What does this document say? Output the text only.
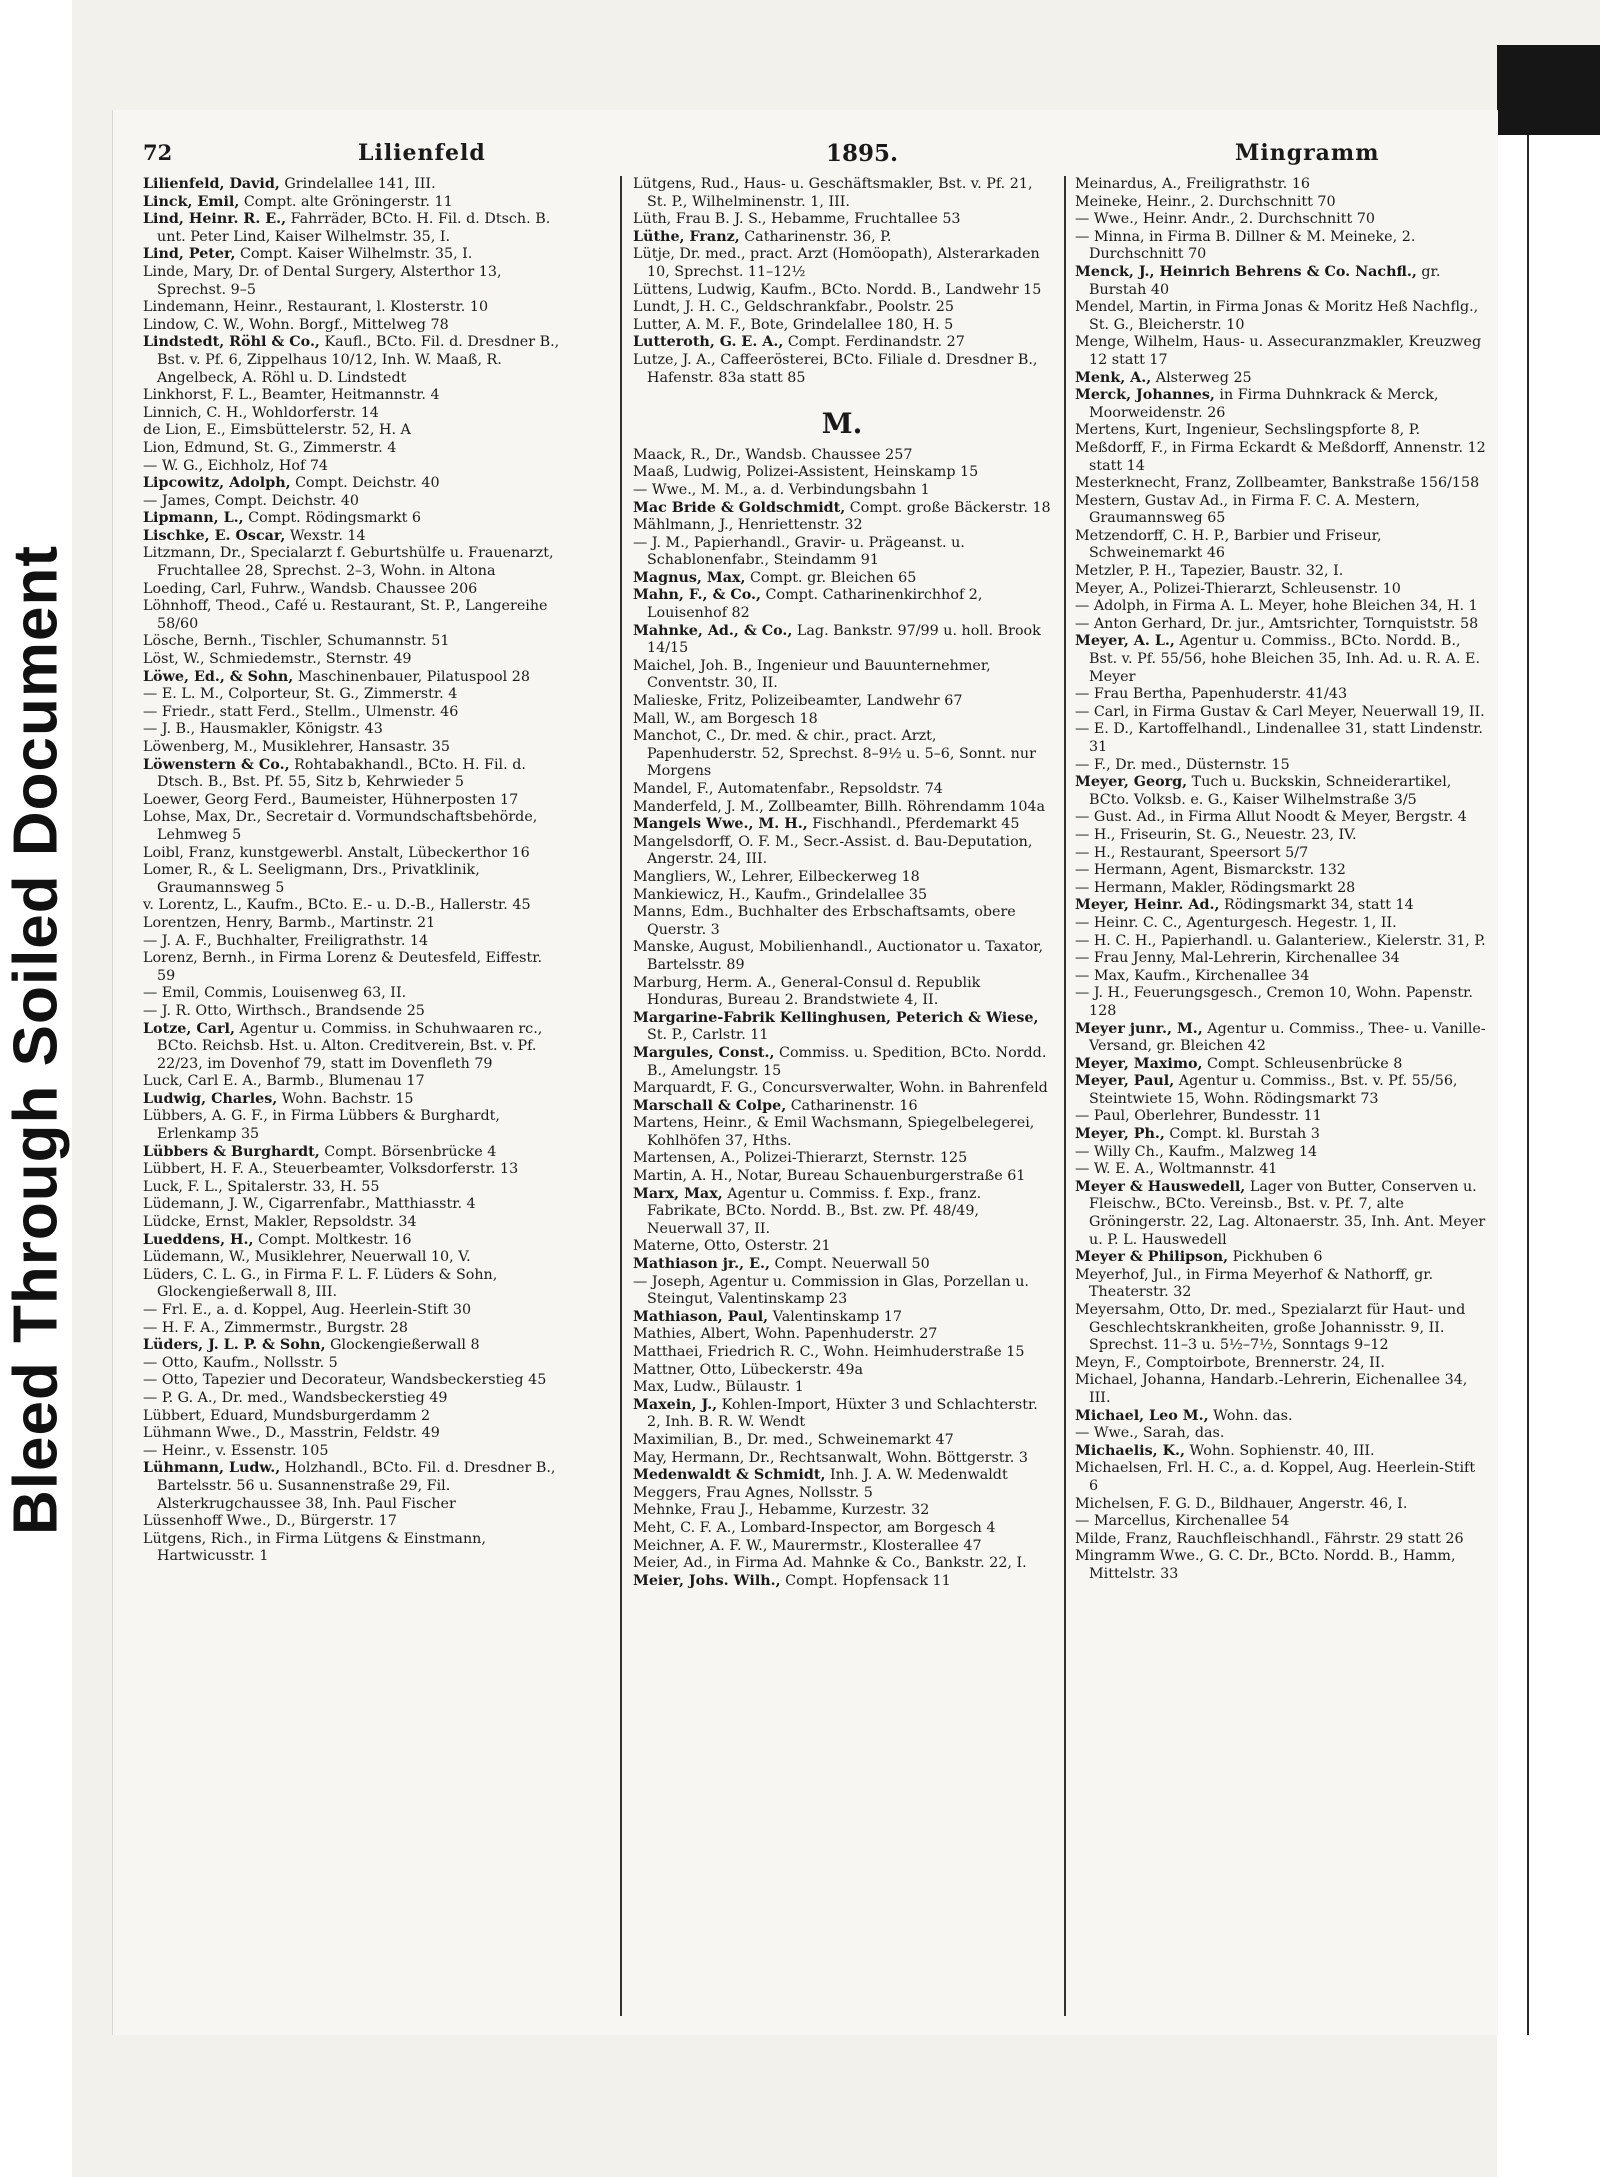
Bleed Through Soiled Document
72	Lilienfeld	1895.	Mingramm

Lilienfeld, David, Grindelallee 141, III.

Linck, Emil, Compt. alte Gröningerstr. 11

Lind, Heinr. R. E., Fahrräder, BCto. H. Fil. d. Dtsch. B. unt. Peter Lind, Kaiser Wilhelmstr. 35, I.

Lind, Peter, Compt. Kaiser Wilhelmstr. 35, I.

Linde, Mary, Dr. of Dental Surgery, Alsterthor 13, Sprechst. 9–5

Lindemann, Heinr., Restaurant, l. Klosterstr. 10

Lindow, C. W., Wohn. Borgf., Mittelweg 78

Lindstedt, Röhl & Co., Kaufl., BCto. Fil. d. Dresdner B., Bst. v. Pf. 6, Zippelhaus 10/12, Inh. W. Maaß, R. Angelbeck, A. Röhl u. D. Lindstedt

Linkhorst, F. L., Beamter, Heitmannstr. 4

Linnich, C. H., Wohldorferstr. 14

de Lion, E., Eimsbüttelerstr. 52, H. A

Lion, Edmund, St. G., Zimmerstr. 4

— W. G., Eichholz, Hof 74

Lipcowitz, Adolph, Compt. Deichstr. 40

— James, Compt. Deichstr. 40

Lipmann, L., Compt. Rödingsmarkt 6

Lischke, E. Oscar, Wexstr. 14

Litzmann, Dr., Specialarzt f. Geburtshülfe u. Frauenarzt, Fruchtallee 28, Sprechst. 2–3, Wohn. in Altona

Loeding, Carl, Fuhrw., Wandsb. Chaussee 206

Löhnhoff, Theod., Café u. Restaurant, St. P., Langereihe 58/60

Lösche, Bernh., Tischler, Schumannstr. 51

Löst, W., Schmiedemstr., Sternstr. 49

Löwe, Ed., & Sohn, Maschinenbauer, Pilatuspool 28

— E. L. M., Colporteur, St. G., Zimmerstr. 4

— Friedr., statt Ferd., Stellm., Ulmenstr. 46

— J. B., Hausmakler, Königstr. 43

Löwenberg, M., Musiklehrer, Hansastr. 35

Löwenstern & Co., Rohtabakhandl., BCto. H. Fil. d. Dtsch. B., Bst. Pf. 55, Sitz b, Kehrwieder 5

Loewer, Georg Ferd., Baumeister, Hühnerposten 17

Lohse, Max, Dr., Secretair d. Vormundschaftsbehörde, Lehmweg 5

Loibl, Franz, kunstgewerbl. Anstalt, Lübeckerthor 16

Lomer, R., & L. Seeligmann, Drs., Privatklinik, Graumannsweg 5

v. Lorentz, L., Kaufm., BCto. E.- u. D.-B., Hallerstr. 45

Lorentzen, Henry, Barmb., Martinstr. 21

— J. A. F., Buchhalter, Freiligrathstr. 14

Lorenz, Bernh., in Firma Lorenz & Deutesfeld, Eiffestr. 59

— Emil, Commis, Louisenweg 63, II.

— J. R. Otto, Wirthsch., Brandsende 25

Lotze, Carl, Agentur u. Commiss. in Schuhwaaren rc., BCto. Reichsb. Hst. u. Alton. Creditverein, Bst. v. Pf. 22/23, im Dovenhof 79, statt im Dovenfleth 79

Luck, Carl E. A., Barmb., Blumenau 17

Ludwig, Charles, Wohn. Bachstr. 15

Lübbers, A. G. F., in Firma Lübbers & Burghardt, Erlenkamp 35

Lübbers & Burghardt, Compt. Börsenbrücke 4

Lübbert, H. F. A., Steuerbeamter, Volksdorferstr. 13

Luck, F. L., Spitalerstr. 33, H. 55

Lüdemann, J. W., Cigarrenfabr., Matthiasstr. 4

Lüdcke, Ernst, Makler, Repsoldstr. 34

Lueddens, H., Compt. Moltkestr. 16

Lüdemann, W., Musiklehrer, Neuerwall 10, V.

Lüders, C. L. G., in Firma F. L. F. Lüders & Sohn, Glockengießerwall 8, III.

— Frl. E., a. d. Koppel, Aug. Heerlein-Stift 30

— H. F. A., Zimmermstr., Burgstr. 28

Lüders, J. L. P. & Sohn, Glockengießerwall 8

— Otto, Kaufm., Nollsstr. 5

— Otto, Tapezier und Decorateur, Wandsbeckerstieg 45

— P. G. A., Dr. med., Wandsbeckerstieg 49

Lübbert, Eduard, Mundsburgerdamm 2

Lühmann Wwe., D., Masstrin, Feldstr. 49

— Heinr., v. Essenstr. 105

Lühmann, Ludw., Holzhandl., BCto. Fil. d. Dresdner B., Bartelsstr. 56 u. Susannenstraße 29, Fil. Alsterkrugchaussee 38, Inh. Paul Fischer

Lüssenhoff Wwe., D., Bürgerstr. 17

Lütgens, Rich., in Firma Lütgens & Einstmann, Hartwicusstr. 1

Lütgens, Rud., Haus- u. Geschäftsmakler, Bst. v. Pf. 21, St. P., Wilhelminenstr. 1, III.

Lüth, Frau B. J. S., Hebamme, Fruchtallee 53

Lüthe, Franz, Catharinenstr. 36, P.

Lütje, Dr. med., pract. Arzt (Homöopath), Alsterarkaden 10, Sprechst. 11–12½

Lüttens, Ludwig, Kaufm., BCto. Nordd. B., Landwehr 15

Lundt, J. H. C., Geldschrankfabr., Poolstr. 25

Lutter, A. M. F., Bote, Grindelallee 180, H. 5

Lutteroth, G. E. A., Compt. Ferdinandstr. 27

Lutze, J. A., Caffeerösterei, BCto. Filiale d. Dresdner B., Hafenstr. 83a statt 85

M.

Maack, R., Dr., Wandsb. Chaussee 257

Maaß, Ludwig, Polizei-Assistent, Heinskamp 15

— Wwe., M. M., a. d. Verbindungsbahn 1

Mac Bride & Goldschmidt, Compt. große Bäckerstr. 18

Mählmann, J., Henriettenstr. 32

— J. M., Papierhandl., Gravir- u. Prägeanst. u. Schablonenfabr., Steindamm 91

Magnus, Max, Compt. gr. Bleichen 65

Mahn, F., & Co., Compt. Catharinenkirchhof 2, Louisenhof 82

Mahnke, Ad., & Co., Lag. Bankstr. 97/99 u. holl. Brook 14/15

Maichel, Joh. B., Ingenieur und Bauunternehmer, Conventstr. 30, II.

Malieske, Fritz, Polizeibeamter, Landwehr 67

Mall, W., am Borgesch 18

Manchot, C., Dr. med. & chir., pract. Arzt, Papenhuderstr. 52, Sprechst. 8–9½ u. 5–6, Sonnt. nur Morgens

Mandel, F., Automatenfabr., Repsoldstr. 74

Manderfeld, J. M., Zollbeamter, Billh. Röhrendamm 104a

Mangels Wwe., M. H., Fischhandl., Pferdemarkt 45

Mangelsdorff, O. F. M., Secr.-Assist. d. Bau-Deputation, Angerstr. 24, III.

Mangliers, W., Lehrer, Eilbeckerweg 18

Mankiewicz, H., Kaufm., Grindelallee 35

Manns, Edm., Buchhalter des Erbschaftsamts, obere Querstr. 3

Manske, August, Mobilienhandl., Auctionator u. Taxator, Bartelsstr. 89

Marburg, Herm. A., General-Consul d. Republik Honduras, Bureau 2. Brandstwiete 4, II.

Margarine-Fabrik Kellinghusen, Peterich & Wiese, St. P., Carlstr. 11

Margules, Const., Commiss. u. Spedition, BCto. Nordd. B., Amelungstr. 15

Marquardt, F. G., Concursverwalter, Wohn. in Bahrenfeld

Marschall & Colpe, Catharinenstr. 16

Martens, Heinr., & Emil Wachsmann, Spiegelbelegerei, Kohlhöfen 37, Hths.

Martensen, A., Polizei-Thierarzt, Sternstr. 125

Martin, A. H., Notar, Bureau Schauenburgerstraße 61

Marx, Max, Agentur u. Commiss. f. Exp., franz. Fabrikate, BCto. Nordd. B., Bst. zw. Pf. 48/49, Neuerwall 37, II.

Materne, Otto, Osterstr. 21

Mathiason jr., E., Compt. Neuerwall 50

— Joseph, Agentur u. Commission in Glas, Porzellan u. Steingut, Valentinskamp 23

Mathiason, Paul, Valentinskamp 17

Mathies, Albert, Wohn. Papenhuderstr. 27

Matthaei, Friedrich R. C., Wohn. Heimhuderstraße 15

Mattner, Otto, Lübeckerstr. 49a

Max, Ludw., Bülaustr. 1

Maxein, J., Kohlen-Import, Hüxter 3 und Schlachterstr. 2, Inh. B. R. W. Wendt

Maximilian, B., Dr. med., Schweinemarkt 47

May, Hermann, Dr., Rechtsanwalt, Wohn. Böttgerstr. 3

Medenwaldt & Schmidt, Inh. J. A. W. Medenwaldt

Meggers, Frau Agnes, Nollsstr. 5

Mehnke, Frau J., Hebamme, Kurzestr. 32

Meht, C. F. A., Lombard-Inspector, am Borgesch 4

Meichner, A. F. W., Maurermstr., Klosterallee 47

Meier, Ad., in Firma Ad. Mahnke & Co., Bankstr. 22, I.

Meier, Johs. Wilh., Compt. Hopfensack 11

Meinardus, A., Freiligrathstr. 16

Meineke, Heinr., 2. Durchschnitt 70

— Wwe., Heinr. Andr., 2. Durchschnitt 70

— Minna, in Firma B. Dillner & M. Meineke, 2. Durchschnitt 70

Menck, J., Heinrich Behrens & Co. Nachfl., gr. Burstah 40

Mendel, Martin, in Firma Jonas & Moritz Heß Nachflg., St. G., Bleicherstr. 10

Menge, Wilhelm, Haus- u. Assecuranzmakler, Kreuzweg 12 statt 17

Menk, A., Alsterweg 25

Merck, Johannes, in Firma Duhnkrack & Merck, Moorweidenstr. 26

Mertens, Kurt, Ingenieur, Sechslingspforte 8, P.

Meßdorff, F., in Firma Eckardt & Meßdorff, Annenstr. 12 statt 14

Mesterknecht, Franz, Zollbeamter, Bankstraße 156/158

Mestern, Gustav Ad., in Firma F. C. A. Mestern, Graumannsweg 65

Metzendorff, C. H. P., Barbier und Friseur, Schweinemarkt 46

Metzler, P. H., Tapezier, Baustr. 32, I.

Meyer, A., Polizei-Thierarzt, Schleusenstr. 10

— Adolph, in Firma A. L. Meyer, hohe Bleichen 34, H. 1

— Anton Gerhard, Dr. jur., Amtsrichter, Tornquiststr. 58

Meyer, A. L., Agentur u. Commiss., BCto. Nordd. B., Bst. v. Pf. 55/56, hohe Bleichen 35, Inh. Ad. u. R. A. E. Meyer

— Frau Bertha, Papenhuderstr. 41/43

— Carl, in Firma Gustav & Carl Meyer, Neuerwall 19, II.

— E. D., Kartoffelhandl., Lindenallee 31, statt Lindenstr. 31

— F., Dr. med., Düsternstr. 15

Meyer, Georg, Tuch u. Buckskin, Schneiderartikel, BCto. Volksb. e. G., Kaiser Wilhelmstraße 3/5

— Gust. Ad., in Firma Allut Noodt & Meyer, Bergstr. 4

— H., Friseurin, St. G., Neuestr. 23, IV.

— H., Restaurant, Speersort 5/7

— Hermann, Agent, Bismarckstr. 132

— Hermann, Makler, Rödingsmarkt 28

Meyer, Heinr. Ad., Rödingsmarkt 34, statt 14

— Heinr. C. C., Agenturgesch. Hegestr. 1, II.

— H. C. H., Papierhandl. u. Galanteriew., Kielerstr. 31, P.

— Frau Jenny, Mal-Lehrerin, Kirchenallee 34

— Max, Kaufm., Kirchenallee 34

— J. H., Feuerungsgesch., Cremon 10, Wohn. Papenstr. 128

Meyer junr., M., Agentur u. Commiss., Thee- u. Vanille-Versand, gr. Bleichen 42

Meyer, Maximo, Compt. Schleusenbrücke 8

Meyer, Paul, Agentur u. Commiss., Bst. v. Pf. 55/56, Steintwiete 15, Wohn. Rödingsmarkt 73

— Paul, Oberlehrer, Bundesstr. 11

Meyer, Ph., Compt. kl. Burstah 3

— Willy Ch., Kaufm., Malzweg 14

— W. E. A., Woltmannstr. 41

Meyer & Hauswedell, Lager von Butter, Conserven u. Fleischw., BCto. Vereinsb., Bst. v. Pf. 7, alte Gröningerstr. 22, Lag. Altonaerstr. 35, Inh. Ant. Meyer u. P. L. Hauswedell

Meyer & Philipson, Pickhuben 6

Meyerhof, Jul., in Firma Meyerhof & Nathorff, gr. Theaterstr. 32

Meyersahm, Otto, Dr. med., Spezialarzt für Haut- und Geschlechtskrankheiten, große Johannisstr. 9, II. Sprechst. 11–3 u. 5½–7½, Sonntags 9–12

Meyn, F., Comptoirbote, Brennerstr. 24, II.

Michael, Johanna, Handarb.-Lehrerin, Eichenallee 34, III.

Michael, Leo M., Wohn. das.

— Wwe., Sarah, das.

Michaelis, K., Wohn. Sophienstr. 40, III.

Michaelsen, Frl. H. C., a. d. Koppel, Aug. Heerlein-Stift 6

Michelsen, F. G. D., Bildhauer, Angerstr. 46, I.

— Marcellus, Kirchenallee 54

Milde, Franz, Rauchfleischhandl., Fährstr. 29 statt 26

Mingramm Wwe., G. C. Dr., BCto. Nordd. B., Hamm, Mittelstr. 33
